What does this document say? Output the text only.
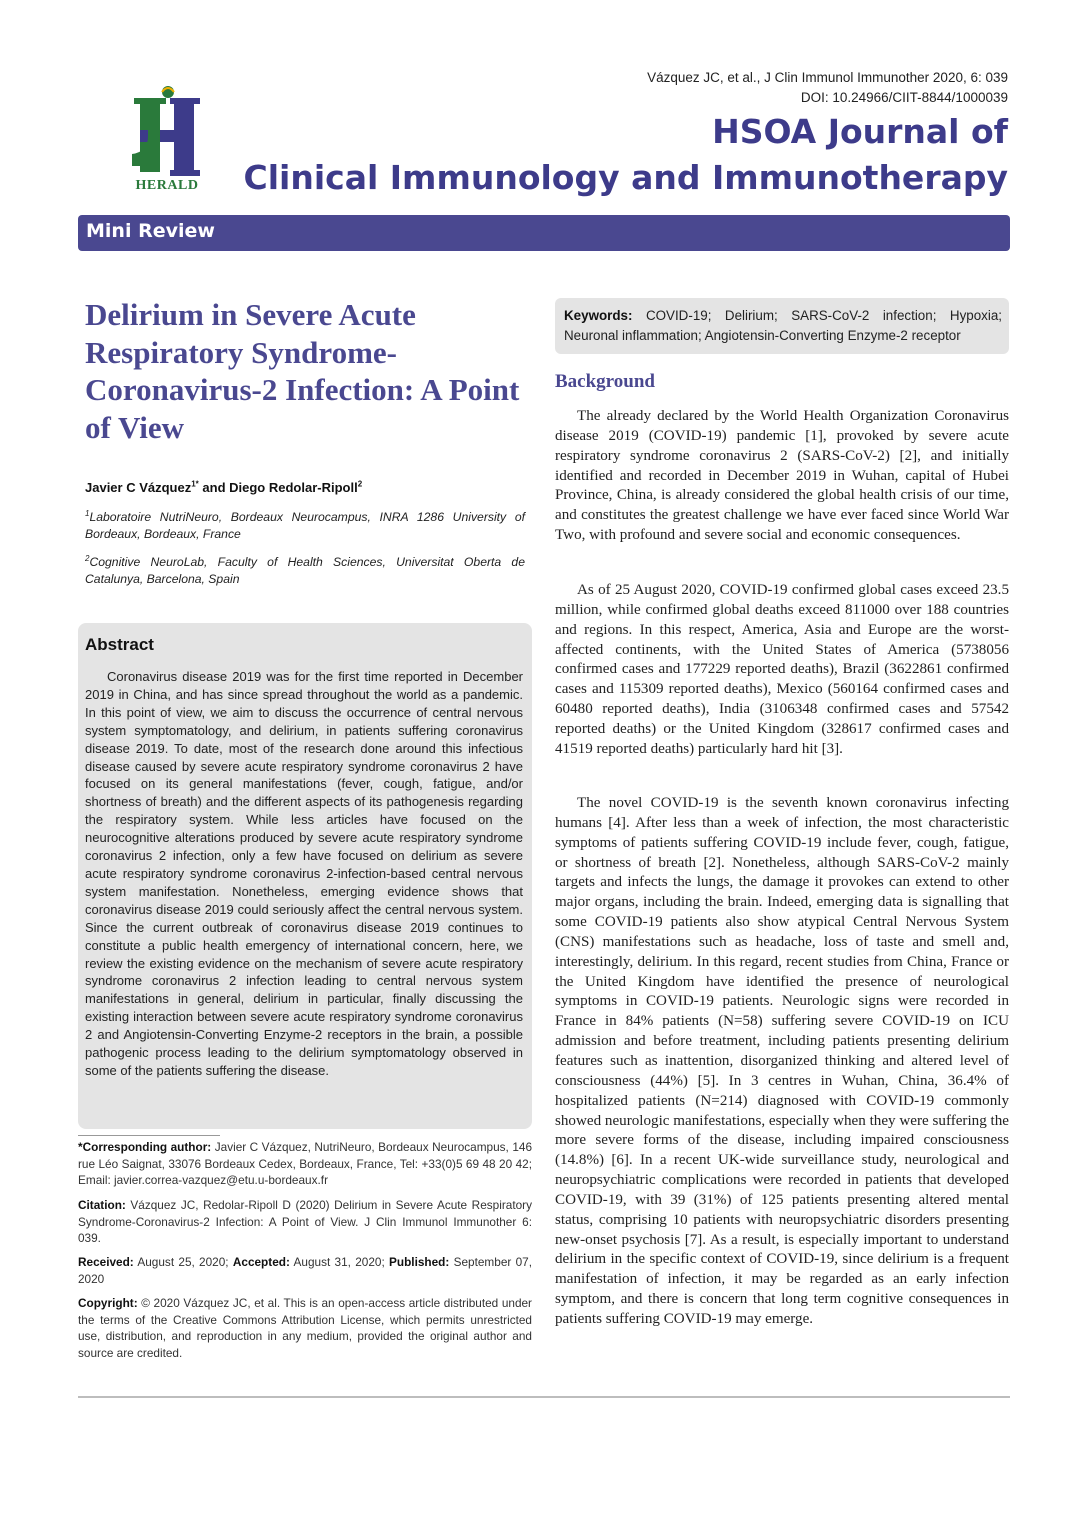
Vázquez JC, et al., J Clin Immunol Immunother 2020, 6: 039
DOI: 10.24966/CIIT-8844/1000039
HERALD
HSOA Journal of
Clinical Immunology and Immunotherapy
Mini Review
Delirium in Severe Acute Respiratory Syndrome-Coronavirus-2 Infection: A Point of View
Javier C Vázquez$^{1*}$ and Diego Redolar-Ripoll$^2$
$^1$Laboratoire NutriNeuro, Bordeaux Neurocampus, INRA 1286 University of Bordeaux, Bordeaux, France
$^2$Cognitive NeuroLab, Faculty of Health Sciences, Universitat Oberta de Catalunya, Barcelona, Spain
Abstract

Coronavirus disease 2019 was for the first time reported in December 2019 in China, and has since spread throughout the world as a pandemic. In this point of view, we aim to discuss the occurrence of central nervous system symptomatology, and delirium, in patients suffering coronavirus disease 2019. To date, most of the research done around this infectious disease caused by severe acute respiratory syndrome coronavirus 2 have focused on its general manifestations (fever, cough, fatigue, and/or shortness of breath) and the different aspects of its pathogenesis regarding the respiratory system. While less articles have focused on the neurocognitive alterations produced by severe acute respiratory syndrome coronavirus 2 infection, only a few have focused on delirium as severe acute respiratory syndrome coronavirus 2-infection-based central nervous system manifestation. Nonetheless, emerging evidence shows that coronavirus disease 2019 could seriously affect the central nervous system. Since the current outbreak of coronavirus disease 2019 continues to constitute a public health emergency of international concern, here, we review the existing evidence on the mechanism of severe acute respiratory syndrome coronavirus 2 infection leading to central nervous system manifestations in general, delirium in particular, finally discussing the existing interaction between severe acute respiratory syndrome coronavirus 2 and Angiotensin-Converting Enzyme-2 receptors in the brain, a possible pathogenic process leading to the delirium symptomatology observed in some of the patients suffering the disease.

*Corresponding author: Javier C Vázquez, NutriNeuro, Bordeaux Neurocampus, 146 rue Léo Saignat, 33076 Bordeaux Cedex, Bordeaux, France, Tel: +33(0)5 69 48 20 42; Email: javier.correa-vazquez@etu.u-bordeaux.fr

Citation: Vázquez JC, Redolar-Ripoll D (2020) Delirium in Severe Acute Respiratory Syndrome-Coronavirus-2 Infection: A Point of View. J Clin Immunol Immunother 6: 039.

Received: August 25, 2020; Accepted: August 31, 2020; Published: September 07, 2020

Copyright: © 2020 Vázquez JC, et al. This is an open-access article distributed under the terms of the Creative Commons Attribution License, which permits unrestricted use, distribution, and reproduction in any medium, provided the original author and source are credited.

Keywords: COVID-19; Delirium; SARS-CoV-2 infection; Hypoxia; Neuronal inflammation; Angiotensin-Converting Enzyme-2 receptor

Background

The already declared by the World Health Organization Coronavirus disease 2019 (COVID-19) pandemic [1], provoked by severe acute respiratory syndrome coronavirus 2 (SARS-CoV-2) [2], and initially identified and recorded in December 2019 in Wuhan, capital of Hubei Province, China, is already considered the global health crisis of our time, and constitutes the greatest challenge we have ever faced since World War Two, with profound and severe social and economic consequences.

As of 25 August 2020, COVID-19 confirmed global cases exceed 23.5 million, while confirmed global deaths exceed 811000 over 188 countries and regions. In this respect, America, Asia and Europe are the worst-affected continents, with the United States of America (5738056 confirmed cases and 177229 reported deaths), Brazil (3622861 confirmed cases and 115309 reported deaths), Mexico (560164 confirmed cases and 60480 reported deaths), India (3106348 confirmed cases and 57542 reported deaths) or the United Kingdom (328617 confirmed cases and 41519 reported deaths) particularly hard hit [3].

The novel COVID-19 is the seventh known coronavirus infecting humans [4]. After less than a week of infection, the most characteristic symptoms of patients suffering COVID-19 include fever, cough, fatigue, or shortness of breath [2]. Nonetheless, although SARS-CoV-2 mainly targets and infects the lungs, the damage it provokes can extend to other major organs, including the brain. Indeed, emerging data is signalling that some COVID-19 patients also show atypical Central Nervous System (CNS) manifestations such as headache, loss of taste and smell and, interestingly, delirium. In this regard, recent studies from China, France or the United Kingdom have identified the presence of neurological symptoms in COVID-19 patients. Neurologic signs were recorded in France in 84% patients (N=58) suffering severe COVID-19 on ICU admission and before treatment, including patients presenting delirium features such as inattention, disorganized thinking and altered level of consciousness (44%) [5]. In 3 centres in Wuhan, China, 36.4% of hospitalized patients (N=214) diagnosed with COVID-19 commonly showed neurologic manifestations, especially when they were suffering the more severe forms of the disease, including impaired consciousness (14.8%) [6]. In a recent UK-wide surveillance study, neurological and neuropsychiatric complications were recorded in patients that developed COVID-19, with 39 (31%) of 125 patients presenting altered mental status, comprising 10 patients with neuropsychiatric disorders presenting new-onset psychosis [7]. As a result, is especially important to understand delirium in the specific context of COVID-19, since delirium is a frequent manifestation of infection, it may be regarded as an early infection symptom, and there is concern that long term cognitive consequences in patients suffering COVID-19 may emerge.
